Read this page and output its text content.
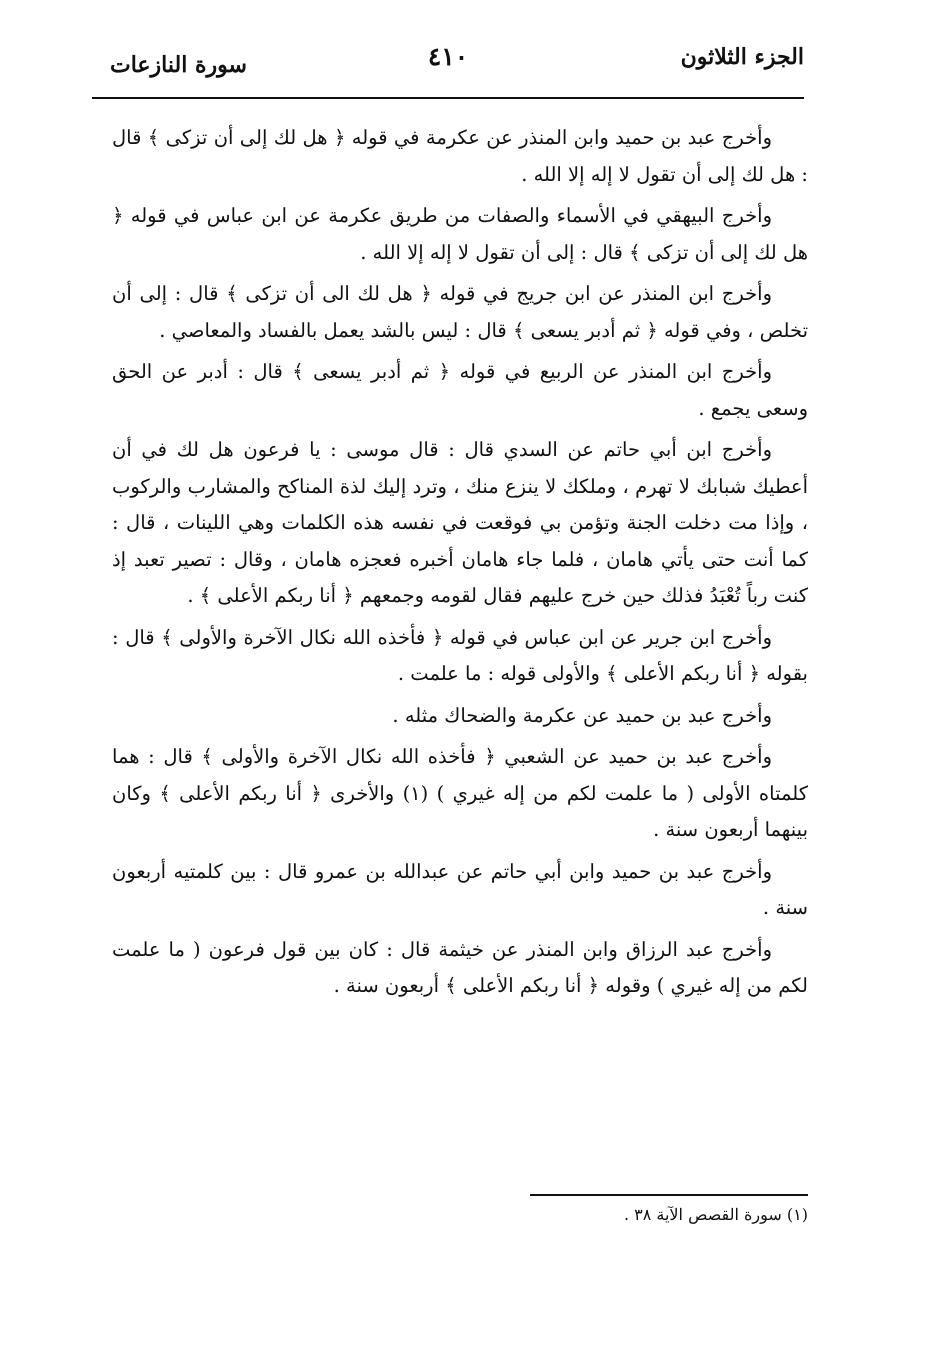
الجزء الثلاثون
٤١٠
سورة النازعات

وأخرج عبد بن حميد وابن المنذر عن عكرمة في قوله ﴿ هل لك إلى أن تزكى ﴾ قال : هل لك إلى أن تقول لا إله إلا الله .

وأخرج البيهقي في الأسماء والصفات من طريق عكرمة عن ابن عباس في قوله ﴿ هل لك إلى أن تزكى ﴾ قال : إلى أن تقول لا إله إلا الله .

وأخرج ابن المنذر عن ابن جريج في قوله ﴿ هل لك الى أن تزكى ﴾ قال : إلى أن تخلص ، وفي قوله ﴿ ثم أدبر يسعى ﴾ قال : ليس بالشد يعمل بالفساد والمعاصي .

وأخرج ابن المنذر عن الربيع في قوله ﴿ ثم أدبر يسعى ﴾ قال : أدبر عن الحق وسعى يجمع .

وأخرج ابن أبي حاتم عن السدي قال : قال موسى : يا فرعون هل لك في أن أعطيك شبابك لا تهرم ، وملكك لا ينزع منك ، وترد إليك لذة المناكح والمشارب والركوب ، وإذا مت دخلت الجنة وتؤمن بي فوقعت في نفسه هذه الكلمات وهي اللينات ، قال : كما أنت حتى يأتي هامان ، فلما جاء هامان أخبره فعجزه هامان ، وقال : تصير تعبد إذ كنت رباً تُعْبَدُ فذلك حين خرج عليهم فقال لقومه وجمعهم ﴿ أنا ربكم الأعلى ﴾ .

وأخرج ابن جرير عن ابن عباس في قوله ﴿ فأخذه الله نكال الآخرة والأولى ﴾ قال : بقوله ﴿ أنا ربكم الأعلى ﴾ والأولى قوله : ما علمت .

وأخرج عبد بن حميد عن عكرمة والضحاك مثله .

وأخرج عبد بن حميد عن الشعبي ﴿ فأخذه الله نكال الآخرة والأولى ﴾ قال : هما كلمتاه الأولى ( ما علمت لكم من إله غيري ) (١) والأخرى ﴿ أنا ربكم الأعلى ﴾ وكان بينهما أربعون سنة .

وأخرج عبد بن حميد وابن أبي حاتم عن عبدالله بن عمرو قال : بين كلمتيه أربعون سنة .

وأخرج عبد الرزاق وابن المنذر عن خيثمة قال : كان بين قول فرعون ( ما علمت لكم من إله غيري ) وقوله ﴿ أنا ربكم الأعلى ﴾ أربعون سنة .

(١) سورة القصص الآية ٣٨ .
